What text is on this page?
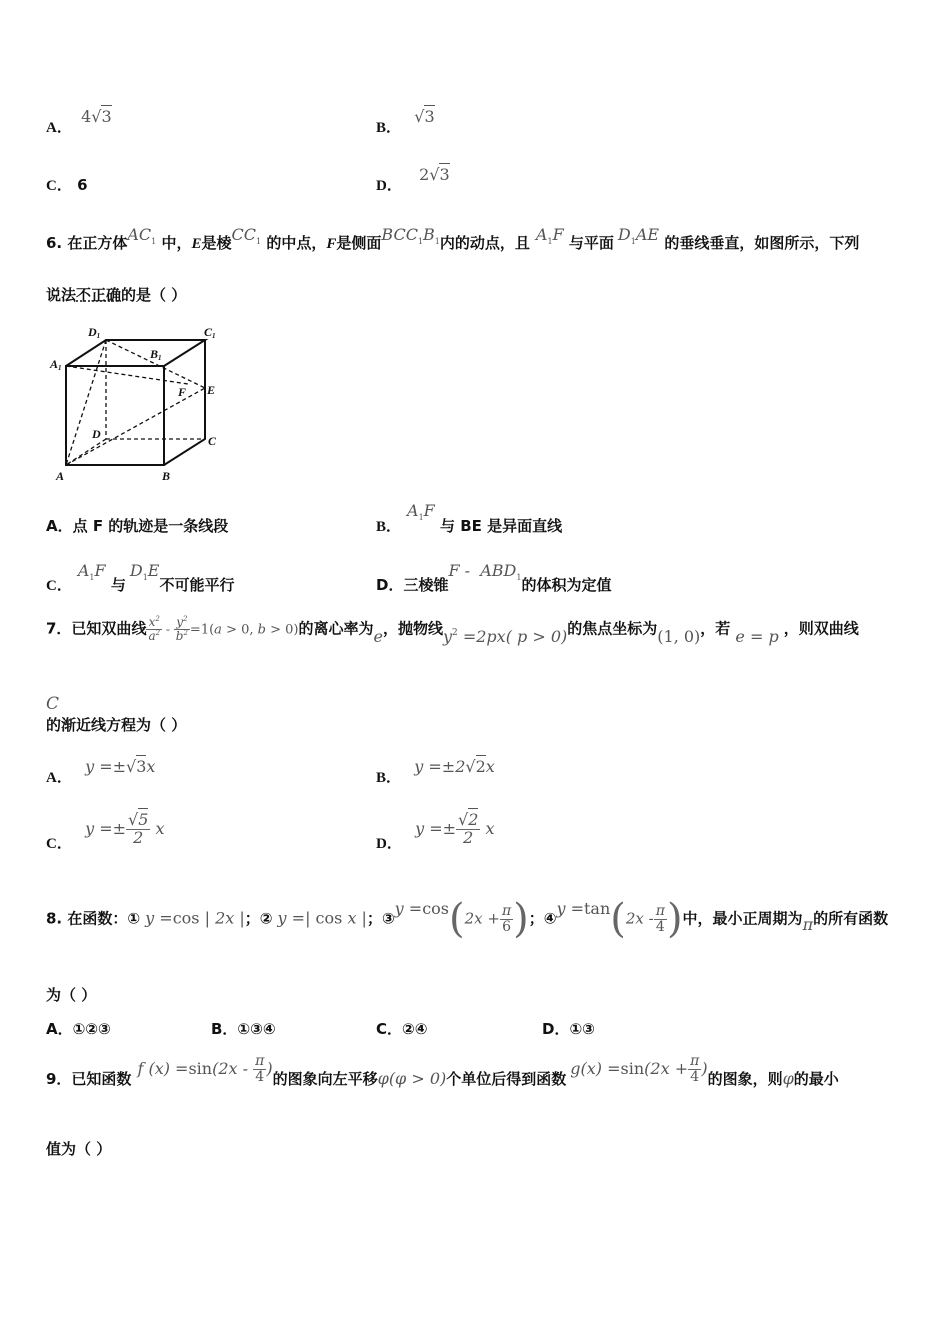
A． 4√3
B． √3
C． 6	D． 2√3
6. 在正方体$AC_1$ 中，E是棱$CC_1$ 的中点，F是侧面$BCC_1B_1$内的动点，且 $A_1F$ 与平面 $D_1AE$ 的垂线垂直，如图所示，下列
说法不正确的是（ ）
D1	C1
A1
B1
F E
D	C
A	B
A．点 F 的轨迹是一条线段	B．$A_1F$ 与 BE 是异面直线
C．$A_1F$ 与$D_1E$不可能平行	D．三棱锥F -  $ABD_1$的体积为定值
7．已知双曲线 $\frac{x^2}{a^2} - \frac{y^2}{b^2} =1(a > 0$, b > 0)的离心率为e，抛物线$y^2 =2px$( p > 0)的焦点坐标为(1, 0)，若 e = p ，则双曲线
C
的渐近线方程为（ ）
A． y =±√3x
B． y =±2√2x
C． $y =\pm \frac{√5}{2}$ x
D． $y =\pm \frac{√2}{2}$ x
8. 在函数：① y =cos | 2x |；② y =| cos x |；③y $=\cos(2x + \frac{\pi}{6}$ )；④y $=\tan(2x - \frac{\pi}{4}$ )中，最小正周期为π的所有函数
为（ ）
A．①②③	B．①③④	C．②④	D．①③
9．已知函数f $(x) =\sin(2x - \frac{\pi}{4}$ )的图象向左平移φ(φ > 0)个单位后得到函数$g(x) =\sin(2x + \frac{\pi}{4}$ )的图象，则φ的最小
值为（ ）
